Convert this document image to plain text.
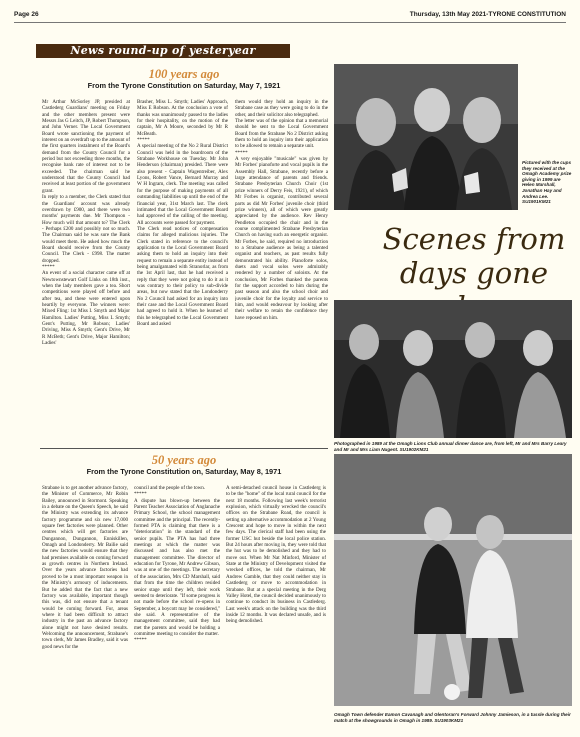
Page 26	Thursday, 13th May 2021-TYRONE CONSTITUTION
News round-up of yesteryear
100 years ago
From the Tyrone Constitution on Saturday, May 7, 1921
Mr Arthur McSorley JP, presided at Castlederg Guardians' meeting on Friday and the other members present were Messrs Jas G Leitch, JP, Robert Thompson, and John Verner. The Local Government Board wrote sanctioning the payment of interest on an overdraft up to the amount of the first quarters instalment of the Board's demand from the County Council for a period but not exceeding three months, the recognise bank rate of interest not to be exceeded. The chairman said he understood that the County Council had received at least portion of the government grant.
In reply to a member, the Clerk stated that the Guardians' account was already overdrawn by £900, and there were two months' payments due. Mr Thompson - How much will that amount to? The Clerk - Perhaps £200 and possibly not so much. The Chairman said he was sure the Bank would meet them. He asked how much the Board should receive from the County Council. The Clerk - £998. The matter dropped.
*****
An event of a social character came off at Newtownstewart Golf Links on 18th inst., when the lady members gave a tea. Short competitions were played off before and after tea, and these were entered upon heartily by everyone. The winners were: Mixed Fling: 1st Miss I. Smyth and Major Hamilton. Ladies' Putting, Miss L Smyth; Gent's Putting, Mr Robson; Ladies' Driving, Miss A Smyth; Gent's Drive, Mr R McBeth; Gent's Drive, Major Hamilton; Ladies'
Brasher, Miss L. Smyth; Ladies' Approach, Miss E Robson. At the conclusion a vote of thanks was unanimously passed to the ladies for their hospitality, on the motion of the captain, Mr A Moore, seconded by Mr R McBeath.
*****
A special meeting of the No 2 Rural District Council was held in the boardroom of the Strabane Workhouse on Tuesday. Mr John Henderson (chairman) presided. There were also present - Captain Wagentreiber, Alex Lyons, Robert Vance, Bernard Murray and W H Ingram, clerk. The meeting was called for the purpose of making payments of all outstanding liabilities up until the end of the financial year, 31st March last. The clerk intimated that the Local Government Board had approved of the calling of the meeting. All accounts were passed for payment.
The Clerk read notices of compensation claims for alleged malicious injuries. The Clerk stated in reference to the council's application to the Local Government Board asking them to hold an inquiry into their request to remain a separate entity instead of being amalgamated with Stranorlar, as from the 1st April last, that he had received a reply that they were not going to do it as it was contrary to their policy to sub-divide areas, but now stated that the Londonderry No 2 Council had asked for an inquiry into their case and the Local Government Board had agreed to hold it. When he learned of this he telegraphed to the Local Government Board and asked
them would they hold an inquiry in the Strabane case as they were going to do in the other, and their solicitor also telegraphed.
The letter was of the opinion that a memorial should be sent to the Local Government Board from the Strabane No 2 District asking them to hold an inquiry into their application to be allowed to remain a separate unit.
*****
A very enjoyable "musicale" was given by Mr Forbes' pianoforte and vocal pupils in the Assembly Hall, Strabane, recently before a large attendance of parents and friends. Strabane Presbyterian Church Choir (1st prize winners of Derry Feis, 1921), of which Mr Forbes is organist, contributed several parts as did Mr Forbes' juvenile choir (third prize winners), all of which were greatly appreciated by the audience. Rev Henry Pendleton occupied the chair and in the course complimented Strabane Presbyterian Church on having such an energetic organist. Mr Forbes, he said, required no introduction to a Strabane audience as being a talented organist and teachers, as past results fully demonstrated his ability. Pianoforte solos, duets and vocal solos were admirably rendered by a number of soloists. At the conclusion, Mr Forbes thanked the parents for the support accorded to him during the past season and also the school choir and juvenile choir for the loyalty and service to him, and would endeavour by looking after their welfare to retain the confidence they have reposed on him.
Pictured with the cups they received at the Omagh Academy prize giving in 1999 are Helen Marshall, Jonathan Hay and Andrea Lee. SU1901KM21
Scenes from days gone
Photographed in 1989 at the Omagh Lions Club annual dinner dance are, from left, Mr and Mrs Barry Leary and Mr and Mrs Liam Nugent. SU1902KM21
50 years ago
From the Tyrone Constitution on, Saturday, May 8, 1971
Strabane is to get another advance factory, the Minister of Commerce, Mr Robin Bailey, announced in Stormont. Speaking in a debate on the Queen's Speech, he said the Ministry was extending its advance factory programme and six new 17,000 square feet factories were planned. Other centres which will get factories are Dungannon, Dungannon, Enniskillen, Omagh and Londonderry. Mr Bailie said the new factories would ensure that they had premises available on coming forward as growth centres in Northern Ireland. Over the years advance factories had proved to be a most important weapon in the Ministry's armoury of inducements. But he added that the fact that a new factory was available, important though this was, did not ensure that a tenant would be coming forward. For, areas where it had been difficult to attract industry in the past an advance factory alone might not have desired results. Welcoming the announcement, Strabane's town clerk, Mr James Bradley, said it was good news for the
council and the people of the town.
*****
A dispute has blown-up between the Parent Teacher Association of Anglanache Primary School, the school management committee and the principal. The recently-formed PTA is claiming that there is a "deterioration" in the standard of the senior pupils. The PTA has had three meetings at which the matter was discussed and has also met the management committee. The director of education for Tyrone, Mr Andrew Gibson, was at one of the meetings. The secretary of the association, Mrs CD Marshall, said that from the time the children resided senior stage until they left, their work seemed to deteriorate. "If some progress is not made before the school re-opens in September, a boycott may be considered," she said. A representative of the management committee, said they had met the parents and would be holding a committee meeting to consider the matter.
*****
A semi-detached council house in Castlederg is to be the "home" of the local rural council for the next 18 months. Following last week's terrorist explosion, which virtually wrecked the council's offices on the Strabane Road, the council is setting up alternative accommodation at 2 Young Crescent and hope to move in within the next few days. The clerical staff had been using the former USC hut beside the local police station. But 24 hours after moving in, they were told that the hut was to be demolished and they had to move out. When Mr Nat Minford, Minister of State at the Ministry of Development visited the wrecked offices, he told the chairman, Mr Andrew Gamble, that they could neither stay in Castlederg or move to accommodation in Strabane. But at a special meeting in the Derg Valley Hotel, the council decided unanimously to continue to conduct its business in Castlederg. Last week's attack on the building was the third inside 12 months. It was declared unsafe, and is being demolished.
Omagh Town defender Eamon Cavanagh and Glentoran's Forward Johnny Jamieson, in a tussle during their match at the showgrounds in Omagh in 1989. SU1903KM21
